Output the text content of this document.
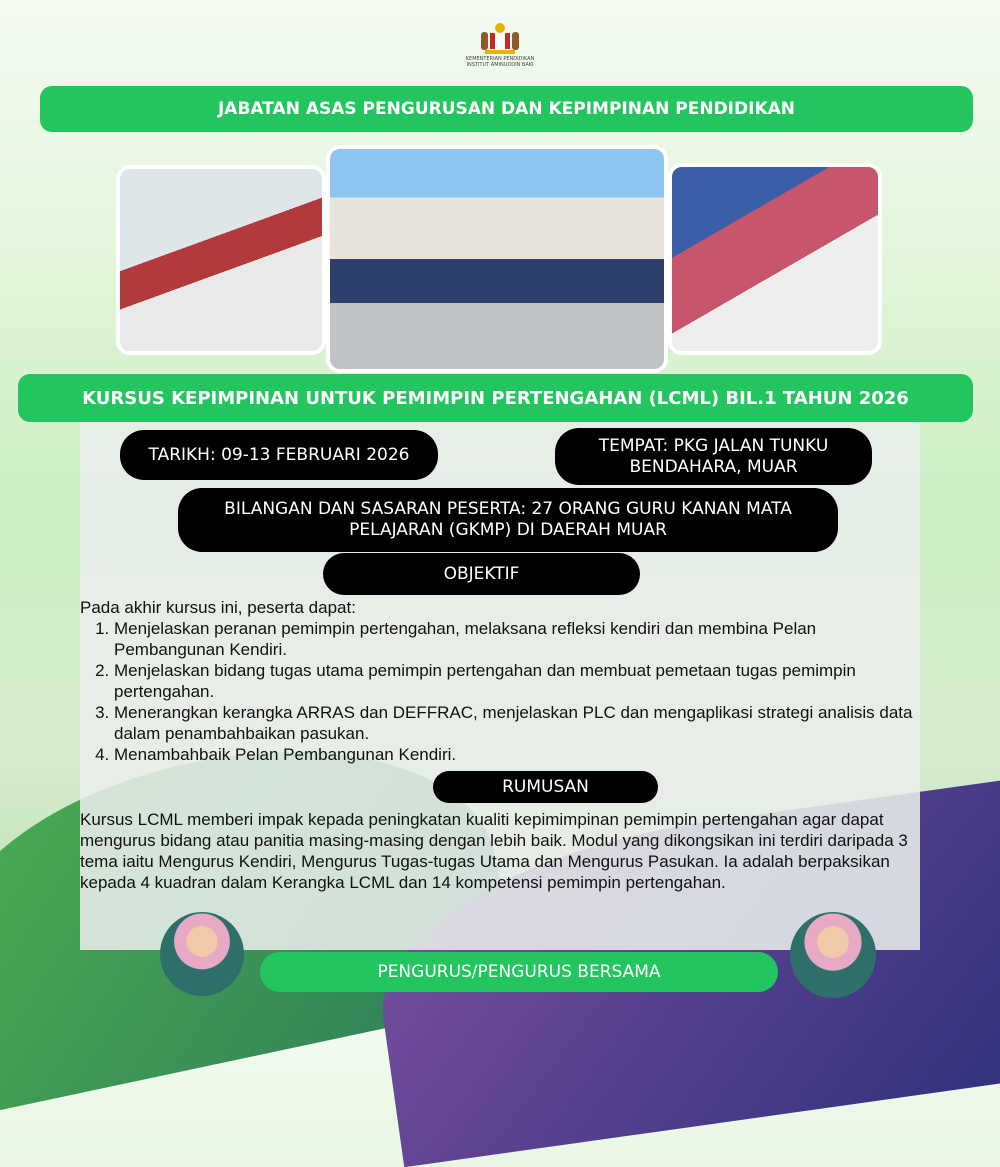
KEMENTERIAN PENDIDIKAN
INSTITUT AMINUDDIN BAKI
JABATAN ASAS PENGURUSAN DAN KEPIMPINAN PENDIDIKAN
KURSUS KEPIMPINAN UNTUK PEMIMPIN PERTENGAHAN (LCML) BIL.1 TAHUN 2026
TARIKH: 09-13 FEBRUARI 2026	TEMPAT: PKG JALAN TUNKU BENDAHARA, MUAR
BILANGAN DAN SASARAN PESERTA: 27 ORANG GURU KANAN MATA PELAJARAN (GKMP) DI DAERAH MUAR
OBJEKTIF
Pada akhir kursus ini, peserta dapat:
1. Menjelaskan peranan pemimpin pertengahan, melaksana refleksi kendiri dan membina Pelan Pembangunan Kendiri.
2. Menjelaskan bidang tugas utama pemimpin pertengahan dan membuat pemetaan tugas pemimpin pertengahan.
3. Menerangkan kerangka ARRAS dan DEFFRAC, menjelaskan PLC dan mengaplikasi strategi analisis data dalam penambahbaikan pasukan.
4. Menambahbaik Pelan Pembangunan Kendiri.
RUMUSAN
Kursus LCML memberi impak kepada peningkatan kualiti kepimimpinan pemimpin pertengahan agar dapat mengurus bidang atau panitia masing-masing dengan lebih baik. Modul yang dikongsikan ini terdiri daripada 3 tema iaitu Mengurus Kendiri, Mengurus Tugas-tugas Utama dan Mengurus Pasukan. Ia adalah berpaksikan kepada 4 kuadran dalam Kerangka LCML dan 14 kompetensi pemimpin pertengahan.
PENGURUS/PENGURUS BERSAMA
